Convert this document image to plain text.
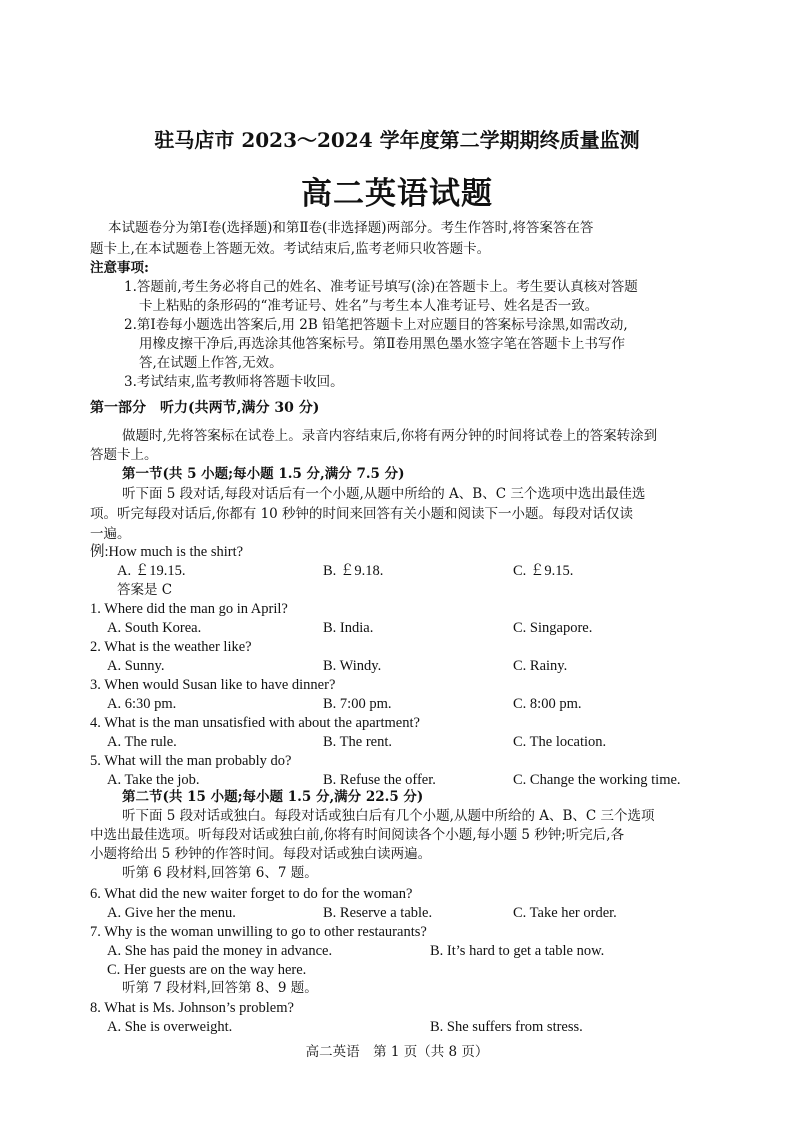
驻马店市 2023～2024 学年度第二学期期终质量监测
高二英语试题
本试题卷分为第Ⅰ卷(选择题)和第Ⅱ卷(非选择题)两部分。考生作答时,将答案答在答
题卡上,在本试题卷上答题无效。考试结束后,监考老师只收答题卡。
注意事项:
1.答题前,考生务必将自己的姓名、准考证号填写(涂)在答题卡上。考生要认真核对答题
卡上粘贴的条形码的“准考证号、姓名”与考生本人准考证号、姓名是否一致。
2.第Ⅰ卷每小题选出答案后,用 2B 铅笔把答题卡上对应题目的答案标号涂黑,如需改动,
用橡皮擦干净后,再选涂其他答案标号。第Ⅱ卷用黑色墨水签字笔在答题卡上书写作
答,在试题上作答,无效。
3.考试结束,监考教师将答题卡收回。
第一部分　听力(共两节,满分 30 分)
做题时,先将答案标在试卷上。录音内容结束后,你将有两分钟的时间将试卷上的答案转涂到
答题卡上。
第一节(共 5 小题;每小题 1.5 分,满分 7.5 分)
听下面 5 段对话,每段对话后有一个小题,从题中所给的 A、B、C 三个选项中选出最佳选
项。听完每段对话后,你都有 10 秒钟的时间来回答有关小题和阅读下一小题。每段对话仅读
一遍。
例:How much is the shirt?
A. ￡19.15.	B. ￡9.18.	C. ￡9.15.
答案是 C
1. Where did the man go in April?
A. South Korea.	B. India.	C. Singapore.
2. What is the weather like?
A. Sunny.	B. Windy.	C. Rainy.
3. When would Susan like to have dinner?
A. 6:30 pm.	B. 7:00 pm.	C. 8:00 pm.
4. What is the man unsatisfied with about the apartment?
A. The rule.	B. The rent.	C. The location.
5. What will the man probably do?
A. Take the job.	B. Refuse the offer.	C. Change the working time.
第二节(共 15 小题;每小题 1.5 分,满分 22.5 分)
听下面 5 段对话或独白。每段对话或独白后有几个小题,从题中所给的 A、B、C 三个选项
中选出最佳选项。听每段对话或独白前,你将有时间阅读各个小题,每小题 5 秒钟;听完后,各
小题将给出 5 秒钟的作答时间。每段对话或独白读两遍。
听第 6 段材料,回答第 6、7 题。
6. What did the new waiter forget to do for the woman?
A. Give her the menu.	B. Reserve a table.	C. Take her order.
7. Why is the woman unwilling to go to other restaurants?
A. She has paid the money in advance.	B. It’s hard to get a table now.
C. Her guests are on the way here.
听第 7 段材料,回答第 8、9 题。
8. What is Ms. Johnson’s problem?
A. She is overweight.	B. She suffers from stress.
高二英语　第 1 页（共 8 页）
